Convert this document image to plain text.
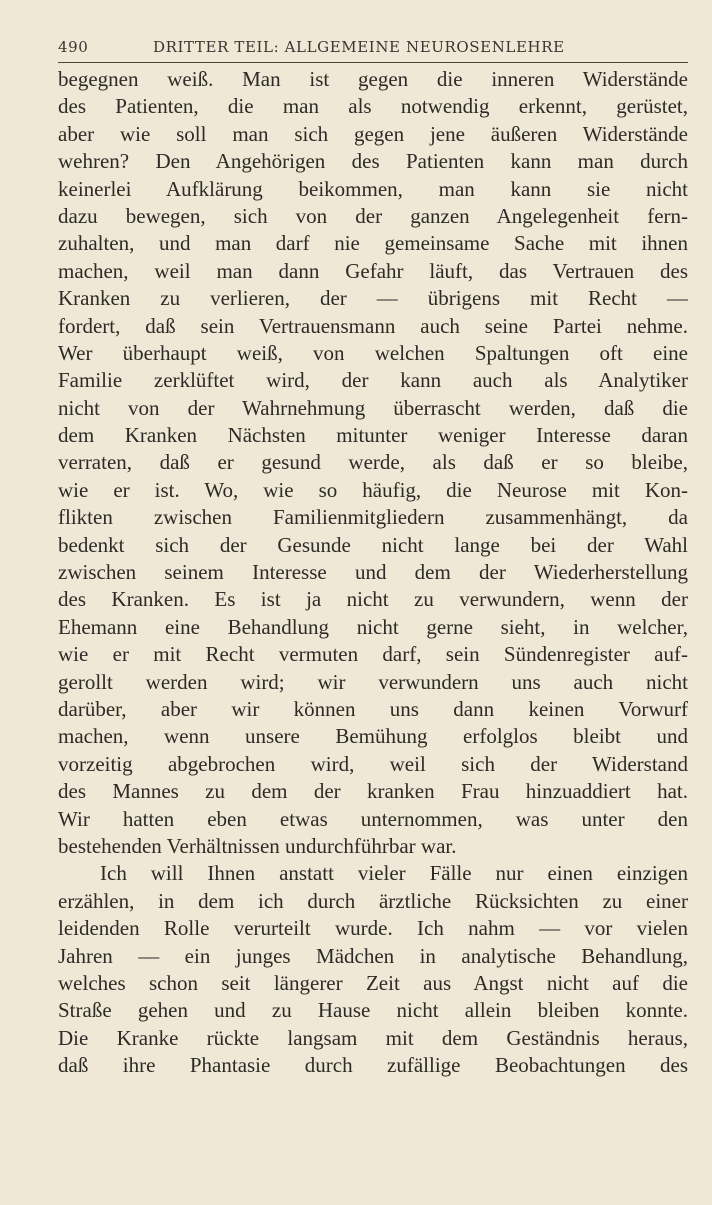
490	DRITTER TEIL: ALLGEMEINE NEUROSENLEHRE
begegnen weiß. Man ist gegen die inneren Widerstände
des Patienten, die man als notwendig erkennt, gerüstet,
aber wie soll man sich gegen jene äußeren Widerstände
wehren? Den Angehörigen des Patienten kann man durch
keinerlei Aufklärung beikommen, man kann sie nicht
dazu bewegen, sich von der ganzen Angelegenheit fern-
zuhalten, und man darf nie gemeinsame Sache mit ihnen
machen, weil man dann Gefahr läuft, das Vertrauen des
Kranken zu verlieren, der — übrigens mit Recht —
fordert, daß sein Vertrauensmann auch seine Partei nehme.
Wer überhaupt weiß, von welchen Spaltungen oft eine
Familie zerklüftet wird, der kann auch als Analytiker
nicht von der Wahrnehmung überrascht werden, daß die
dem Kranken Nächsten mitunter weniger Interesse daran
verraten, daß er gesund werde, als daß er so bleibe,
wie er ist. Wo, wie so häufig, die Neurose mit Kon-
flikten zwischen Familienmitgliedern zusammenhängt, da
bedenkt sich der Gesunde nicht lange bei der Wahl
zwischen seinem Interesse und dem der Wiederherstellung
des Kranken. Es ist ja nicht zu verwundern, wenn der
Ehemann eine Behandlung nicht gerne sieht, in welcher,
wie er mit Recht vermuten darf, sein Sündenregister auf-
gerollt werden wird; wir verwundern uns auch nicht
darüber, aber wir können uns dann keinen Vorwurf
machen, wenn unsere Bemühung erfolglos bleibt und
vorzeitig abgebrochen wird, weil sich der Widerstand
des Mannes zu dem der kranken Frau hinzuaddiert hat.
Wir hatten eben etwas unternommen, was unter den
bestehenden Verhältnissen undurchführbar war.
Ich will Ihnen anstatt vieler Fälle nur einen einzigen
erzählen, in dem ich durch ärztliche Rücksichten zu einer
leidenden Rolle verurteilt wurde. Ich nahm — vor vielen
Jahren — ein junges Mädchen in analytische Behandlung,
welches schon seit längerer Zeit aus Angst nicht auf die
Straße gehen und zu Hause nicht allein bleiben konnte.
Die Kranke rückte langsam mit dem Geständnis heraus,
daß ihre Phantasie durch zufällige Beobachtungen des
